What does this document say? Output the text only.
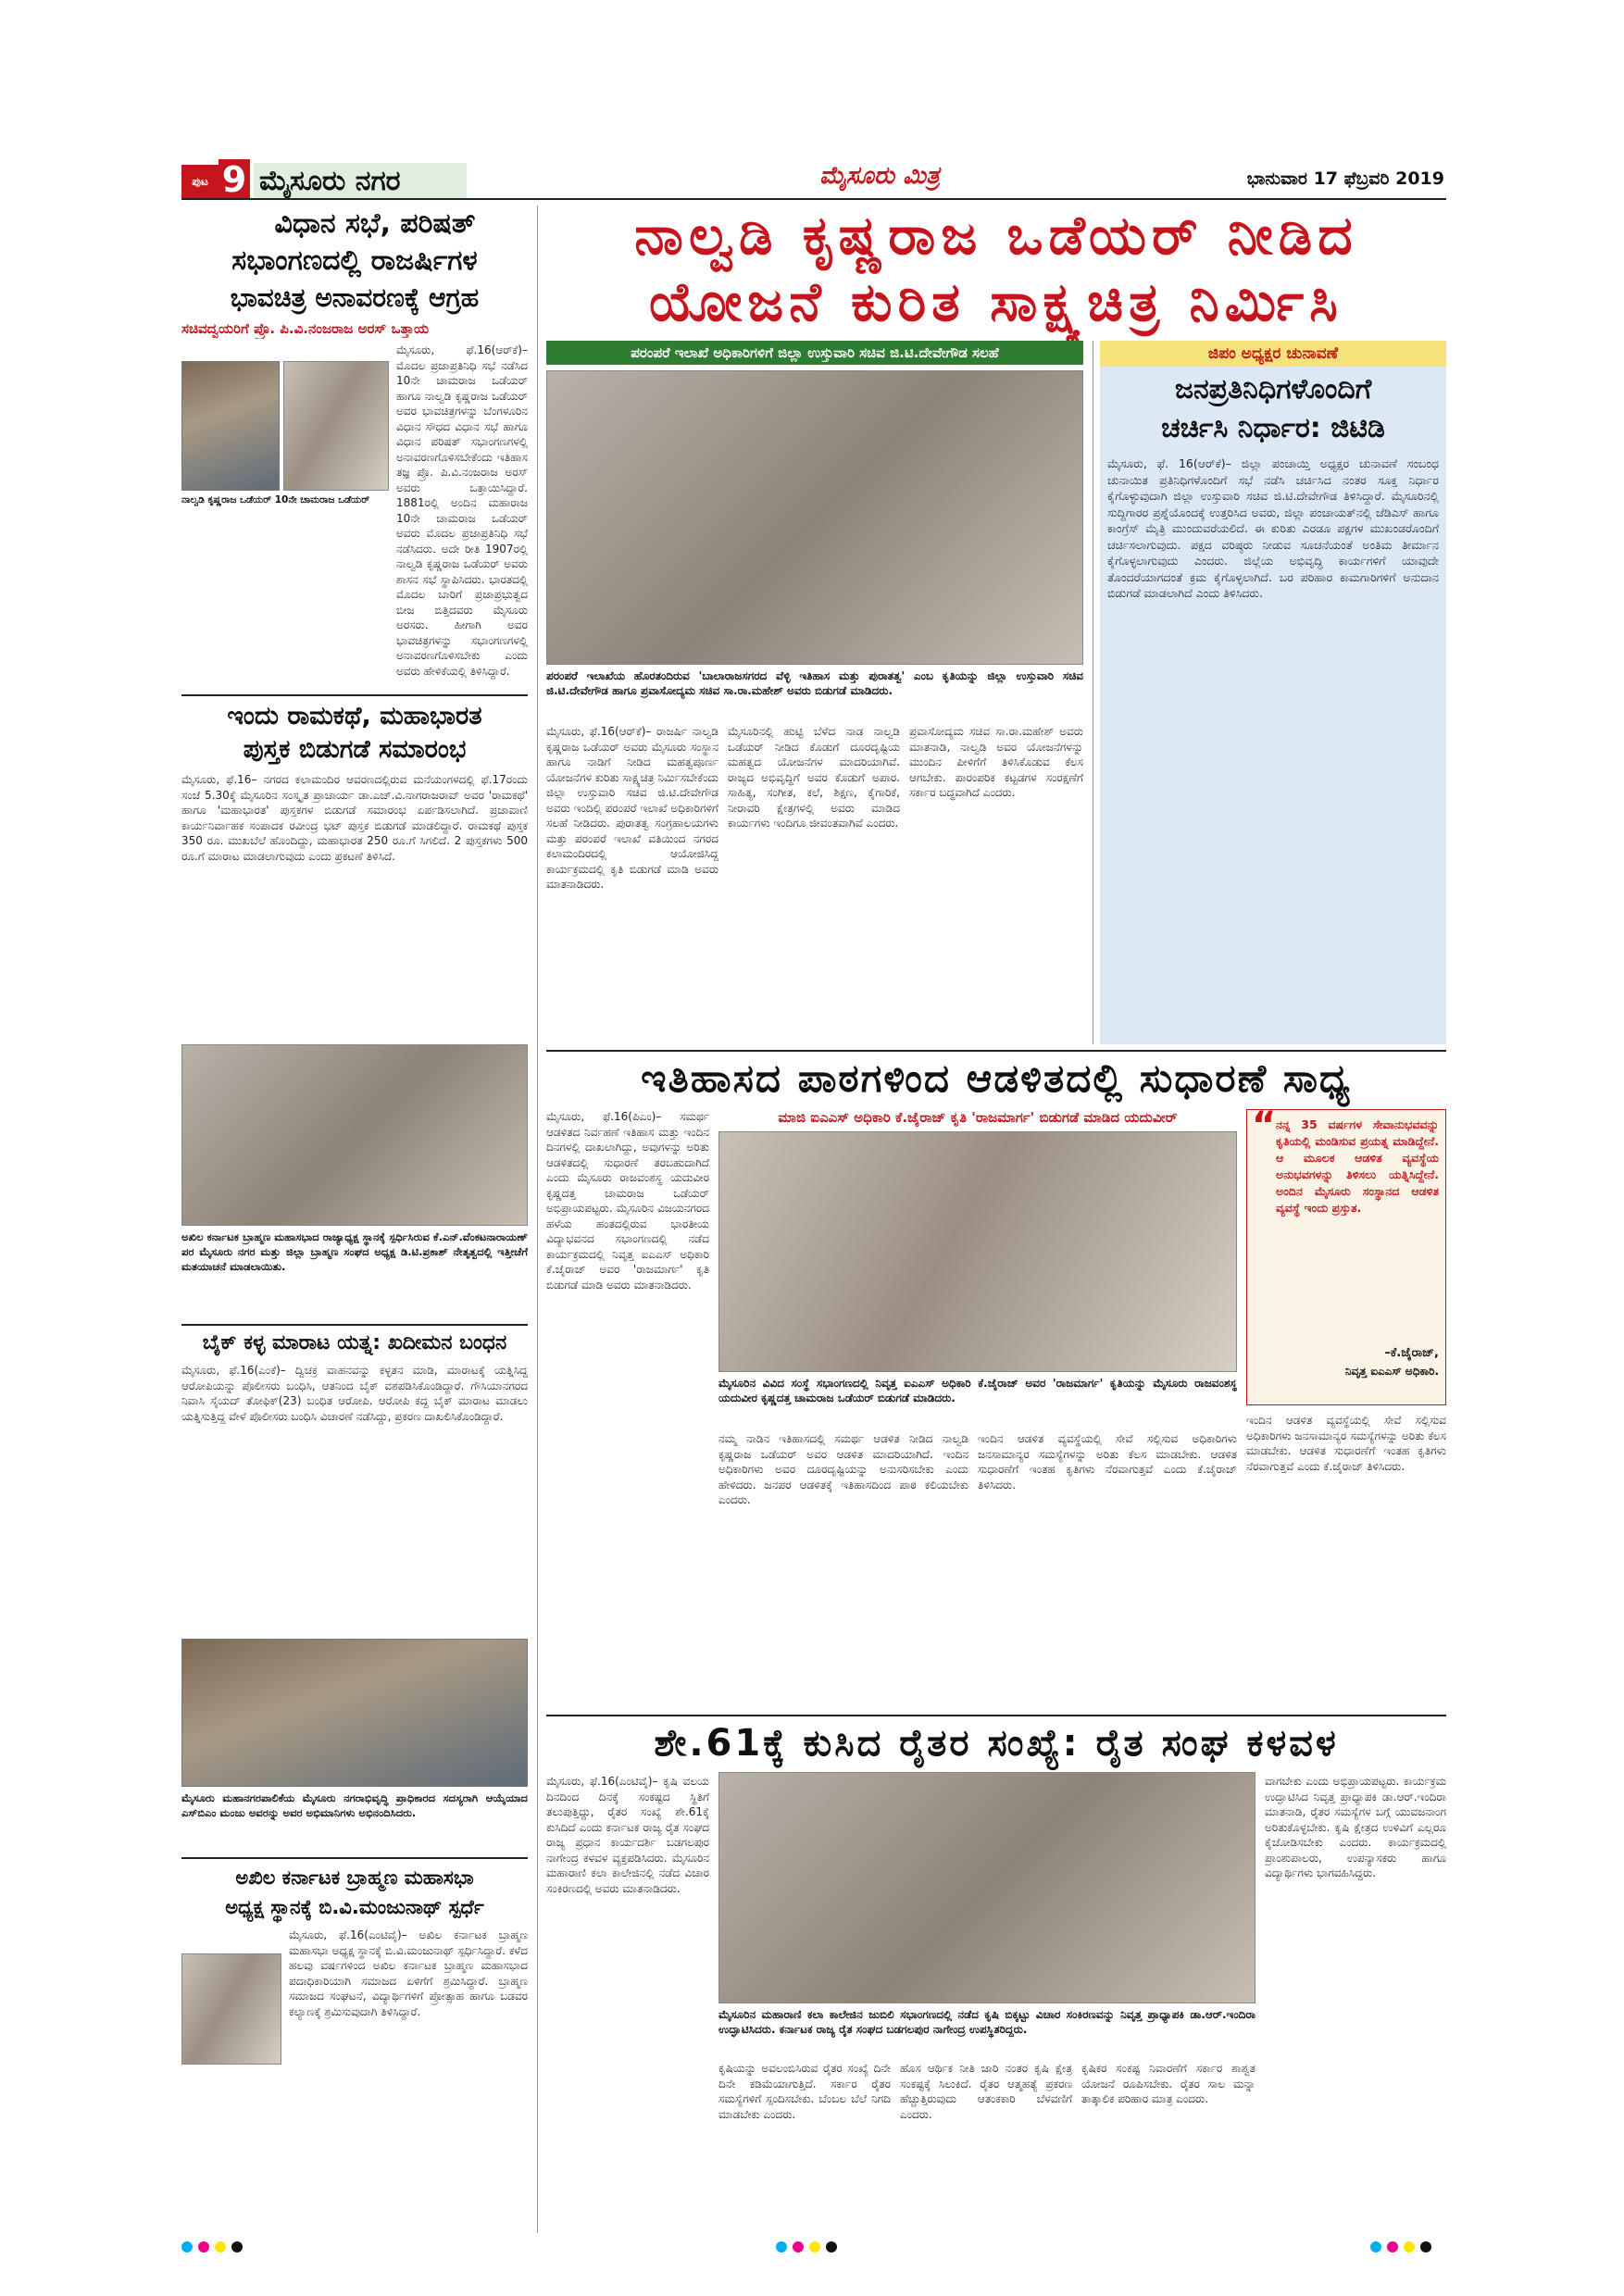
ಪುಟ 9 ಮೈಸೂರು ನಗರ	ಮೈಸೂರು ಮಿತ್ರ	ಭಾನುವಾರ 17 ಫೆಬ್ರವರಿ 2019
ವಿಧಾನ ಸಭೆ, ಪರಿಷತ್
ಸಭಾಂಗಣದಲ್ಲಿ ರಾಜರ್ಷಿಗಳ
ಭಾವಚಿತ್ರ ಅನಾವರಣಕ್ಕೆ ಆಗ್ರಹ
ಸಚಿವದ್ವಯರಿಗೆ ಪ್ರೊ. ಪಿ.ವಿ.ನಂಜರಾಜ ಅರಸ್ ಒತ್ತಾಯ
ನಾಲ್ವಡಿ ಕೃಷ್ಣರಾಜ ಒಡೆಯರ್ 10ನೇ ಚಾಮರಾಜ ಒಡೆಯರ್
ಮೈಸೂರು, ಫೆ.16(ಆರ್‌ಕೆ)–ಮೊದಲ ಪ್ರಜಾಪ್ರತಿನಿಧಿ ಸಭೆ ನಡೆಸಿದ 10ನೇ ಚಾಮರಾಜ ಒಡೆಯರ್ ಹಾಗೂ ನಾಲ್ವಡಿ ಕೃಷ್ಣರಾಜ ಒಡೆಯರ್ ಅವರ ಭಾವಚಿತ್ರಗಳನ್ನು ಬೆಂಗಳೂರಿನ ವಿಧಾನ ಸೌಧದ ವಿಧಾನ ಸಭೆ ಹಾಗೂ ವಿಧಾನ ಪರಿಷತ್ ಸಭಾಂಗಣಗಳಲ್ಲಿ ಅನಾವರಣಗೊಳಿಸಬೇಕೆಂದು ಇತಿಹಾಸ ತಜ್ಞ ಪ್ರೊ. ಪಿ.ವಿ.ನಂಜರಾಜ ಅರಸ್ ಅವರು ಒತ್ತಾಯಿಸಿದ್ದಾರೆ. 1881ರಲ್ಲಿ ಅಂದಿನ ಮಹಾರಾಜ 10ನೇ ಚಾಮರಾಜ ಒಡೆಯರ್ ಅವರು ಮೊದಲ ಪ್ರಜಾಪ್ರತಿನಿಧಿ ಸಭೆ ನಡೆಸಿದರು. ಅದೇ ರೀತಿ 1907ರಲ್ಲಿ ನಾಲ್ವಡಿ ಕೃಷ್ಣರಾಜ ಒಡೆಯರ್ ಅವರು ಶಾಸನ ಸಭೆ ಸ್ಥಾಪಿಸಿದರು. ಭಾರತದಲ್ಲಿ ಮೊದಲ ಬಾರಿಗೆ ಪ್ರಜಾಪ್ರಭುತ್ವದ ಬೀಜ ಬಿತ್ತಿದವರು ಮೈಸೂರು ಅರಸರು. ಹೀಗಾಗಿ ಅವರ ಭಾವಚಿತ್ರಗಳನ್ನು ಸಭಾಂಗಣಗಳಲ್ಲಿ ಅನಾವರಣಗೊಳಿಸಬೇಕು ಎಂದು ಅವರು ಹೇಳಿಕೆಯಲ್ಲಿ ತಿಳಿಸಿದ್ದಾರೆ.
ಇಂದು ರಾಮಕಥೆ, ಮಹಾಭಾರತ
ಪುಸ್ತಕ ಬಿಡುಗಡೆ ಸಮಾರಂಭ
ಮೈಸೂರು, ಫೆ.16– ನಗರದ ಕಲಾಮಂದಿರ ಆವರಣದಲ್ಲಿರುವ ಮನೆಯಂಗಳದಲ್ಲಿ ಫೆ.17ರಂದು ಸಂಜೆ 5.30ಕ್ಕೆ ಮೈಸೂರಿನ ಸಂಸ್ಕೃತ ಪ್ರಾಚಾರ್ಯ ಡಾ.ಎಚ್.ವಿ.ನಾಗರಾಜರಾವ್ ಅವರ 'ರಾಮಕಥೆ' ಹಾಗೂ 'ಮಹಾಭಾರತ' ಪುಸ್ತಕಗಳ ಬಿಡುಗಡೆ ಸಮಾರಂಭ ಏರ್ಪಡಿಸಲಾಗಿದೆ. ಪ್ರಜಾವಾಣಿ ಕಾರ್ಯನಿರ್ವಾಹಕ ಸಂಪಾದಕ ರವೀಂದ್ರ ಭಟ್ ಪುಸ್ತಕ ಬಿಡುಗಡೆ ಮಾಡಲಿದ್ದಾರೆ. ರಾಮಕಥೆ ಪುಸ್ತಕ 350 ರೂ. ಮುಖಬೆಲೆ ಹೊಂದಿದ್ದು, ಮಹಾಭಾರತ 250 ರೂ.ಗೆ ಸಿಗಲಿದೆ. 2 ಪುಸ್ತಕಗಳು 500 ರೂ.ಗೆ ಮಾರಾಟ ಮಾಡಲಾಗುವುದು ಎಂದು ಪ್ರಕಟಣೆ ತಿಳಿಸಿದೆ.
ಅಖಿಲ ಕರ್ನಾಟಕ ಬ್ರಾಹ್ಮಣ ಮಹಾಸಭಾದ ರಾಜ್ಯಾಧ್ಯಕ್ಷ ಸ್ಥಾನಕ್ಕೆ ಸ್ಪರ್ಧಿಸಿರುವ ಕೆ.ಎನ್.ವೆಂಕಟನಾರಾಯಣ್ ಪರ ಮೈಸೂರು ನಗರ ಮತ್ತು ಜಿಲ್ಲಾ ಬ್ರಾಹ್ಮಣ ಸಂಘದ ಅಧ್ಯಕ್ಷ ಡಿ.ಟಿ.ಪ್ರಕಾಶ್ ನೇತೃತ್ವದಲ್ಲಿ ಇತ್ತೀಚೆಗೆ ಮತಯಾಚನೆ ಮಾಡಲಾಯಿತು.
ಬೈಕ್ ಕಳ್ಳ ಮಾರಾಟ ಯತ್ನ: ಖದೀಮನ ಬಂಧನ
ಮೈಸೂರು, ಫೆ.16(ಎಂಕೆ)– ದ್ವಿಚಕ್ರ ವಾಹನವನ್ನು ಕಳ್ಳತನ ಮಾಡಿ, ಮಾರಾಟಕ್ಕೆ ಯತ್ನಿಸಿದ್ದ ಆರೋಪಿಯನ್ನು ಪೊಲೀಸರು ಬಂಧಿಸಿ, ಆತನಿಂದ ಬೈಕ್ ವಶಪಡಿಸಿಕೊಂಡಿದ್ದಾರೆ. ಗೌಸಿಯಾನಗರದ ನಿವಾಸಿ ಸೈಯದ್ ತೋಫಿಕ್(23) ಬಂಧಿತ ಆರೋಪಿ. ಆರೋಪಿ ಕದ್ದ ಬೈಕ್ ಮಾರಾಟ ಮಾಡಲು ಯತ್ನಿಸುತ್ತಿದ್ದ ವೇಳೆ ಪೊಲೀಸರು ಬಂಧಿಸಿ ವಿಚಾರಣೆ ನಡೆಸಿದ್ದು, ಪ್ರಕರಣ ದಾಖಲಿಸಿಕೊಂಡಿದ್ದಾರೆ.
ಮೈಸೂರು ಮಹಾನಗರಪಾಲಿಕೆಯ ಮೈಸೂರು ನಗರಾಭಿವೃದ್ಧಿ ಪ್ರಾಧಿಕಾರದ ಸದಸ್ಯರಾಗಿ ಆಯ್ಕೆಯಾದ ಎಸ್‌ಬಿಎಂ ಮಂಜು ಅವರನ್ನು ಅವರ ಅಭಿಮಾನಿಗಳು ಅಭಿನಂದಿಸಿದರು.
ಅಖಿಲ ಕರ್ನಾಟಕ ಬ್ರಾಹ್ಮಣ ಮಹಾಸಭಾ
ಅಧ್ಯಕ್ಷ ಸ್ಥಾನಕ್ಕೆ ಬಿ.ವಿ.ಮಂಜುನಾಥ್ ಸ್ಪರ್ಧೆ
ಮೈಸೂರು, ಫೆ.16(ಎಂಟಿವೈ)– ಅಖಿಲ ಕರ್ನಾಟಕ ಬ್ರಾಹ್ಮಣ ಮಹಾಸಭಾ ಅಧ್ಯಕ್ಷ ಸ್ಥಾನಕ್ಕೆ ಬಿ.ವಿ.ಮಂಜುನಾಥ್ ಸ್ಪರ್ಧಿಸಿದ್ದಾರೆ. ಕಳೆದ ಹಲವು ವರ್ಷಗಳಿಂದ ಅಖಿಲ ಕರ್ನಾಟಕ ಬ್ರಾಹ್ಮಣ ಮಹಾಸಭಾದ ಪದಾಧಿಕಾರಿಯಾಗಿ ಸಮಾಜದ ಏಳಿಗೆಗೆ ಶ್ರಮಿಸಿದ್ದಾರೆ. ಬ್ರಾಹ್ಮಣ ಸಮಾಜದ ಸಂಘಟನೆ, ವಿದ್ಯಾರ್ಥಿಗಳಿಗೆ ಪ್ರೋತ್ಸಾಹ ಹಾಗೂ ಬಡವರ ಕಲ್ಯಾಣಕ್ಕೆ ಶ್ರಮಿಸುವುದಾಗಿ ತಿಳಿಸಿದ್ದಾರೆ.
ನಾಲ್ವಡಿ ಕೃಷ್ಣರಾಜ ಒಡೆಯರ್ ನೀಡಿದ
ಯೋಜನೆ ಕುರಿತ ಸಾಕ್ಷ್ಯಚಿತ್ರ ನಿರ್ಮಿಸಿ
ಪರಂಪರೆ ಇಲಾಖೆ ಅಧಿಕಾರಿಗಳಿಗೆ ಜಿಲ್ಲಾ ಉಸ್ತುವಾರಿ ಸಚಿವ ಜಿ.ಟಿ.ದೇವೇಗೌಡ ಸಲಹೆ
ಪರಂಪರೆ ಇಲಾಖೆಯ ಹೊರತಂದಿರುವ 'ಬಾಲಾರಾಜಸಗರದ ವೆಳ್ಳಿ ಇತಿಹಾಸ ಮತ್ತು ಪುರಾತತ್ವ' ಎಂಬ ಕೃತಿಯನ್ನು ಜಿಲ್ಲಾ ಉಸ್ತುವಾರಿ ಸಚಿವ ಜಿ.ಟಿ.ದೇವೇಗೌಡ ಹಾಗೂ ಪ್ರವಾಸೋದ್ಯಮ ಸಚಿವ ಸಾ.ರಾ.ಮಹೇಶ್ ಅವರು ಬಿಡುಗಡೆ ಮಾಡಿದರು.
ಮೈಸೂರು, ಫೆ.16(ಆರ್‌ಕೆ)– ರಾಜರ್ಷಿ ನಾಲ್ವಡಿ ಕೃಷ್ಣರಾಜ ಒಡೆಯರ್ ಅವರು ಮೈಸೂರು ಸಂಸ್ಥಾನ ಹಾಗೂ ನಾಡಿಗೆ ನೀಡಿದ ಮಹತ್ವಪೂರ್ಣ ಯೋಜನೆಗಳ ಕುರಿತು ಸಾಕ್ಷ್ಯಚಿತ್ರ ನಿರ್ಮಿಸಬೇಕೆಂದು ಜಿಲ್ಲಾ ಉಸ್ತುವಾರಿ ಸಚಿವ ಜಿ.ಟಿ.ದೇವೇಗೌಡ ಅವರು ಇಂದಿಲ್ಲಿ ಪರಂಪರೆ ಇಲಾಖೆ ಅಧಿಕಾರಿಗಳಿಗೆ ಸಲಹೆ ನೀಡಿದರು. ಪುರಾತತ್ವ ಸಂಗ್ರಹಾಲಯಗಳು ಮತ್ತು ಪರಂಪರೆ ಇಲಾಖೆ ವತಿಯಿಂದ ನಗರದ ಕಲಾಮಂದಿರದಲ್ಲಿ ಆಯೋಜಿಸಿದ್ದ ಕಾರ್ಯಕ್ರಮದಲ್ಲಿ ಕೃತಿ ಬಿಡುಗಡೆ ಮಾಡಿ ಅವರು ಮಾತನಾಡಿದರು.
ಮೈಸೂರಿನಲ್ಲಿ ಹುಟ್ಟಿ ಬೆಳೆದ ನಾಡ ನಾಲ್ವಡಿ ಒಡೆಯರ್ ನೀಡಿದ ಕೊಡುಗೆ ದೂರದೃಷ್ಟಿಯ ಮಹತ್ವದ ಯೋಜನೆಗಳ ಮಾದರಿಯಾಗಿವೆ. ರಾಜ್ಯದ ಅಭಿವೃದ್ಧಿಗೆ ಅವರ ಕೊಡುಗೆ ಅಪಾರ. ಸಾಹಿತ್ಯ, ಸಂಗೀತ, ಕಲೆ, ಶಿಕ್ಷಣ, ಕೈಗಾರಿಕೆ, ನೀರಾವರಿ ಕ್ಷೇತ್ರಗಳಲ್ಲಿ ಅವರು ಮಾಡಿದ ಕಾರ್ಯಗಳು ಇಂದಿಗೂ ಜೀವಂತವಾಗಿವೆ ಎಂದರು.
ಪ್ರವಾಸೋದ್ಯಮ ಸಚಿವ ಸಾ.ರಾ.ಮಹೇಶ್ ಅವರು ಮಾತನಾಡಿ, ನಾಲ್ವಡಿ ಅವರ ಯೋಜನೆಗಳನ್ನು ಮುಂದಿನ ಪೀಳಿಗೆಗೆ ತಿಳಿಸಿಕೊಡುವ ಕೆಲಸ ಆಗಬೇಕು. ಪಾರಂಪರಿಕ ಕಟ್ಟಡಗಳ ಸಂರಕ್ಷಣೆಗೆ ಸರ್ಕಾರ ಬದ್ಧವಾಗಿದೆ ಎಂದರು.
ಜಿಪಂ ಅಧ್ಯಕ್ಷರ ಚುನಾವಣೆ
ಜನಪ್ರತಿನಿಧಿಗಳೊಂದಿಗೆ
ಚರ್ಚಿಸಿ ನಿರ್ಧಾರ: ಜಿಟಿಡಿ
ಮೈಸೂರು, ಫೆ. 16(ಆರ್‌ಕೆ)– ಜಿಲ್ಲಾ ಪಂಚಾಯ್ತಿ ಅಧ್ಯಕ್ಷರ ಚುನಾವಣೆ ಸಂಬಂಧ ಚುನಾಯಿತ ಪ್ರತಿನಿಧಿಗಳೊಂದಿಗೆ ಸಭೆ ನಡೆಸಿ ಚರ್ಚಿಸಿದ ನಂತರ ಸೂಕ್ತ ನಿರ್ಧಾರ ಕೈಗೊಳ್ಳುವುದಾಗಿ ಜಿಲ್ಲಾ ಉಸ್ತುವಾರಿ ಸಚಿವ ಜಿ.ಟಿ.ದೇವೇಗೌಡ ತಿಳಿಸಿದ್ದಾರೆ. ಮೈಸೂರಿನಲ್ಲಿ ಸುದ್ದಿಗಾರರ ಪ್ರಶ್ನೆಯೊಂದಕ್ಕೆ ಉತ್ತರಿಸಿದ ಅವರು, ಜಿಲ್ಲಾ ಪಂಚಾಯತ್‌ನಲ್ಲಿ ಜೆಡಿಎಸ್ ಹಾಗೂ ಕಾಂಗ್ರೆಸ್ ಮೈತ್ರಿ ಮುಂದುವರೆಯಲಿದೆ. ಈ ಕುರಿತು ಎರಡೂ ಪಕ್ಷಗಳ ಮುಖಂಡರೊಂದಿಗೆ ಚರ್ಚಿಸಲಾಗುವುದು. ಪಕ್ಷದ ವರಿಷ್ಠರು ನೀಡುವ ಸೂಚನೆಯಂತೆ ಅಂತಿಮ ತೀರ್ಮಾನ ಕೈಗೊಳ್ಳಲಾಗುವುದು ಎಂದರು. ಜಿಲ್ಲೆಯ ಅಭಿವೃದ್ಧಿ ಕಾರ್ಯಗಳಿಗೆ ಯಾವುದೇ ತೊಂದರೆಯಾಗದಂತೆ ಕ್ರಮ ಕೈಗೊಳ್ಳಲಾಗಿದೆ. ಬರ ಪರಿಹಾರ ಕಾಮಗಾರಿಗಳಿಗೆ ಅನುದಾನ ಬಿಡುಗಡೆ ಮಾಡಲಾಗಿದೆ ಎಂದು ತಿಳಿಸಿದರು.
ಇತಿಹಾಸದ ಪಾಠಗಳಿಂದ ಆಡಳಿತದಲ್ಲಿ ಸುಧಾರಣೆ ಸಾಧ್ಯ
ಮೈಸೂರು, ಫೆ.16(ಪಿಎಂ)– ಸಮರ್ಥ ಆಡಳಿತದ ನಿರ್ವಹಣೆ ಇತಿಹಾಸ ಮತ್ತು ಇಂದಿನ ದಿನಗಳಲ್ಲಿ ದಾಖಲಾಗಿದ್ದು, ಅವುಗಳನ್ನು ಅರಿತು ಆಡಳಿತದಲ್ಲಿ ಸುಧಾರಣೆ ತರಬಹುದಾಗಿದೆ ಎಂದು ಮೈಸೂರು ರಾಜವಂಶಸ್ಥ ಯದುವೀರ ಕೃಷ್ಣದತ್ತ ಚಾಮರಾಜ ಒಡೆಯರ್ ಅಭಿಪ್ರಾಯಪಟ್ಟರು. ಮೈಸೂರಿನ ವಿಜಯನಗರದ ಹಳೆಯ ಹಂತದಲ್ಲಿರುವ ಭಾರತೀಯ ವಿದ್ಯಾಭವನದ ಸಭಾಂಗಣದಲ್ಲಿ ನಡೆದ ಕಾರ್ಯಕ್ರಮದಲ್ಲಿ ನಿವೃತ್ತ ಐಎಎಸ್ ಅಧಿಕಾರಿ ಕೆ.ಜೈರಾಜ್ ಅವರ 'ರಾಜಮಾರ್ಗ' ಕೃತಿ ಬಿಡುಗಡೆ ಮಾಡಿ ಅವರು ಮಾತನಾಡಿದರು.
ಮಾಜಿ ಐಎಎಸ್ ಅಧಿಕಾರಿ ಕೆ.ಜೈರಾಜ್ ಕೃತಿ 'ರಾಜಮಾರ್ಗ' ಬಿಡುಗಡೆ ಮಾಡಿದ ಯದುವೀರ್
ಮೈಸೂರಿನ ವಿವಿದ ಸಂಸ್ಥೆ ಸಭಾಂಗಣದಲ್ಲಿ ನಿವೃತ್ತ ಐಎಎಸ್ ಅಧಿಕಾರಿ ಕೆ.ಜೈರಾಜ್ ಅವರ 'ರಾಜಮಾರ್ಗ' ಕೃತಿಯನ್ನು ಮೈಸೂರು ರಾಜವಂಶಸ್ಥ ಯದುವೀರ ಕೃಷ್ಣದತ್ತ ಚಾಮರಾಜ ಒಡೆಯರ್ ಬಿಡುಗಡೆ ಮಾಡಿದರು.
ನಮ್ಮ ನಾಡಿನ ಇತಿಹಾಸದಲ್ಲಿ ಸಮರ್ಥ ಆಡಳಿತ ನೀಡಿದ ನಾಲ್ವಡಿ ಕೃಷ್ಣರಾಜ ಒಡೆಯರ್ ಅವರ ಆಡಳಿತ ಮಾದರಿಯಾಗಿದೆ. ಇಂದಿನ ಅಧಿಕಾರಿಗಳು ಅವರ ದೂರದೃಷ್ಟಿಯನ್ನು ಅನುಸರಿಸಬೇಕು ಎಂದು ಹೇಳಿದರು. ಜನಪರ ಆಡಳಿತಕ್ಕೆ ಇತಿಹಾಸದಿಂದ ಪಾಠ ಕಲಿಯಬೇಕು ಎಂದರು.
ಇಂದಿನ ಆಡಳಿತ ವ್ಯವಸ್ಥೆಯಲ್ಲಿ ಸೇವೆ ಸಲ್ಲಿಸುವ ಅಧಿಕಾರಿಗಳು ಜನಸಾಮಾನ್ಯರ ಸಮಸ್ಯೆಗಳನ್ನು ಅರಿತು ಕೆಲಸ ಮಾಡಬೇಕು. ಆಡಳಿತ ಸುಧಾರಣೆಗೆ ಇಂತಹ ಕೃತಿಗಳು ನೆರವಾಗುತ್ತವೆ ಎಂದು ಕೆ.ಜೈರಾಜ್ ತಿಳಿಸಿದರು.
“ ನನ್ನ 35 ವರ್ಷಗಳ ಸೇವಾನುಭವವನ್ನು ಕೃತಿಯಲ್ಲಿ ಮಂಡಿಸುವ ಪ್ರಯತ್ನ ಮಾಡಿದ್ದೇನೆ. ಆ ಮೂಲಕ ಆಡಳಿತ ವ್ಯವಸ್ಥೆಯ ಅನುಭವಗಳನ್ನು ತಿಳಿಸಲು ಯತ್ನಿಸಿದ್ದೇನೆ. ಅಂದಿನ ಮೈಸೂರು ಸಂಸ್ಥಾನದ ಆಡಳಿತ ವ್ಯವಸ್ಥೆ ಇಂದು ಪ್ರಸ್ತುತ.
–ಕೆ.ಜೈರಾಜ್,
ನಿವೃತ್ತ ಐಎಎಸ್ ಅಧಿಕಾರಿ.
ಇಂದಿನ ಆಡಳಿತ ವ್ಯವಸ್ಥೆಯಲ್ಲಿ ಸೇವೆ ಸಲ್ಲಿಸುವ ಅಧಿಕಾರಿಗಳು ಜನಸಾಮಾನ್ಯರ ಸಮಸ್ಯೆಗಳನ್ನು ಅರಿತು ಕೆಲಸ ಮಾಡಬೇಕು. ಆಡಳಿತ ಸುಧಾರಣೆಗೆ ಇಂತಹ ಕೃತಿಗಳು ನೆರವಾಗುತ್ತವೆ ಎಂದು ಕೆ.ಜೈರಾಜ್ ತಿಳಿಸಿದರು.
ಶೇ.61ಕ್ಕೆ ಕುಸಿದ ರೈತರ ಸಂಖ್ಯೆ: ರೈತ ಸಂಘ ಕಳವಳ
ಮೈಸೂರು, ಫೆ.16(ಎಂಟಿವೈ)– ಕೃಷಿ ವಲಯ ದಿನದಿಂದ ದಿನಕ್ಕೆ ಸಂಕಷ್ಟದ ಸ್ಥಿತಿಗೆ ತಲುಪುತ್ತಿದ್ದು, ರೈತರ ಸಂಖ್ಯೆ ಶೇ.61ಕ್ಕೆ ಕುಸಿದಿದೆ ಎಂದು ಕರ್ನಾಟಕ ರಾಜ್ಯ ರೈತ ಸಂಘದ ರಾಜ್ಯ ಪ್ರಧಾನ ಕಾರ್ಯದರ್ಶಿ ಬಡಗಲಪುರ ನಾಗೇಂದ್ರ ಕಳವಳ ವ್ಯಕ್ತಪಡಿಸಿದರು. ಮೈಸೂರಿನ ಮಹಾರಾಣಿ ಕಲಾ ಕಾಲೇಜಿನಲ್ಲಿ ನಡೆದ ವಿಚಾರ ಸಂಕಿರಣದಲ್ಲಿ ಅವರು ಮಾತನಾಡಿದರು.
ಮೈಸೂರಿನ ಮಹಾರಾಣಿ ಕಲಾ ಕಾಲೇಜಿನ ಜುಬಿಲಿ ಸಭಾಂಗಣದಲ್ಲಿ ನಡೆದ ಕೃಷಿ ಬಿಕ್ಕಟ್ಟು ವಿಚಾರ ಸಂಕಿರಣವನ್ನು ನಿವೃತ್ತ ಪ್ರಾಧ್ಯಾಪಕಿ ಡಾ.ಆರ್.ಇಂದಿರಾ ಉದ್ಘಾಟಿಸಿದರು. ಕರ್ನಾಟಕ ರಾಜ್ಯ ರೈತ ಸಂಘದ ಬಡಗಲಪುರ ನಾಗೇಂದ್ರ ಉಪಸ್ಥಿತರಿದ್ದರು.
ಕೃಷಿಯನ್ನು ಅವಲಂಬಿಸಿರುವ ರೈತರ ಸಂಖ್ಯೆ ದಿನೇ ದಿನೇ ಕಡಿಮೆಯಾಗುತ್ತಿದೆ. ಸರ್ಕಾರ ರೈತರ ಸಮಸ್ಯೆಗಳಿಗೆ ಸ್ಪಂದಿಸಬೇಕು. ಬೆಂಬಲ ಬೆಲೆ ನಿಗದಿ ಮಾಡಬೇಕು ಎಂದರು.
ಹೊಸ ಆರ್ಥಿಕ ನೀತಿ ಜಾರಿ ನಂತರ ಕೃಷಿ ಕ್ಷೇತ್ರ ಸಂಕಷ್ಟಕ್ಕೆ ಸಿಲುಕಿದೆ. ರೈತರ ಆತ್ಮಹತ್ಯೆ ಪ್ರಕರಣ ಹೆಚ್ಚುತ್ತಿರುವುದು ಆತಂಕಕಾರಿ ಬೆಳವಣಿಗೆ ಎಂದರು.
ಕೃಷಿಕರ ಸಂಕಷ್ಟ ನಿವಾರಣೆಗೆ ಸರ್ಕಾರ ಶಾಶ್ವತ ಯೋಜನೆ ರೂಪಿಸಬೇಕು. ರೈತರ ಸಾಲ ಮನ್ನಾ ತಾತ್ಕಾಲಿಕ ಪರಿಹಾರ ಮಾತ್ರ ಎಂದರು.
ವಾಗಬೇಕು ಎಂದು ಅಭಿಪ್ರಾಯಪಟ್ಟರು. ಕಾರ್ಯಕ್ರಮ ಉದ್ಘಾಟಿಸಿದ ನಿವೃತ್ತ ಪ್ರಾಧ್ಯಾಪಕಿ ಡಾ.ಆರ್.ಇಂದಿರಾ ಮಾತನಾಡಿ, ರೈತರ ಸಮಸ್ಯೆಗಳ ಬಗ್ಗೆ ಯುವಜನಾಂಗ ಅರಿತುಕೊಳ್ಳಬೇಕು. ಕೃಷಿ ಕ್ಷೇತ್ರದ ಉಳಿವಿಗೆ ಎಲ್ಲರೂ ಕೈಜೋಡಿಸಬೇಕು ಎಂದರು. ಕಾರ್ಯಕ್ರಮದಲ್ಲಿ ಪ್ರಾಂಶುಪಾಲರು, ಉಪನ್ಯಾಸಕರು ಹಾಗೂ ವಿದ್ಯಾರ್ಥಿಗಳು ಭಾಗವಹಿಸಿದ್ದರು.
